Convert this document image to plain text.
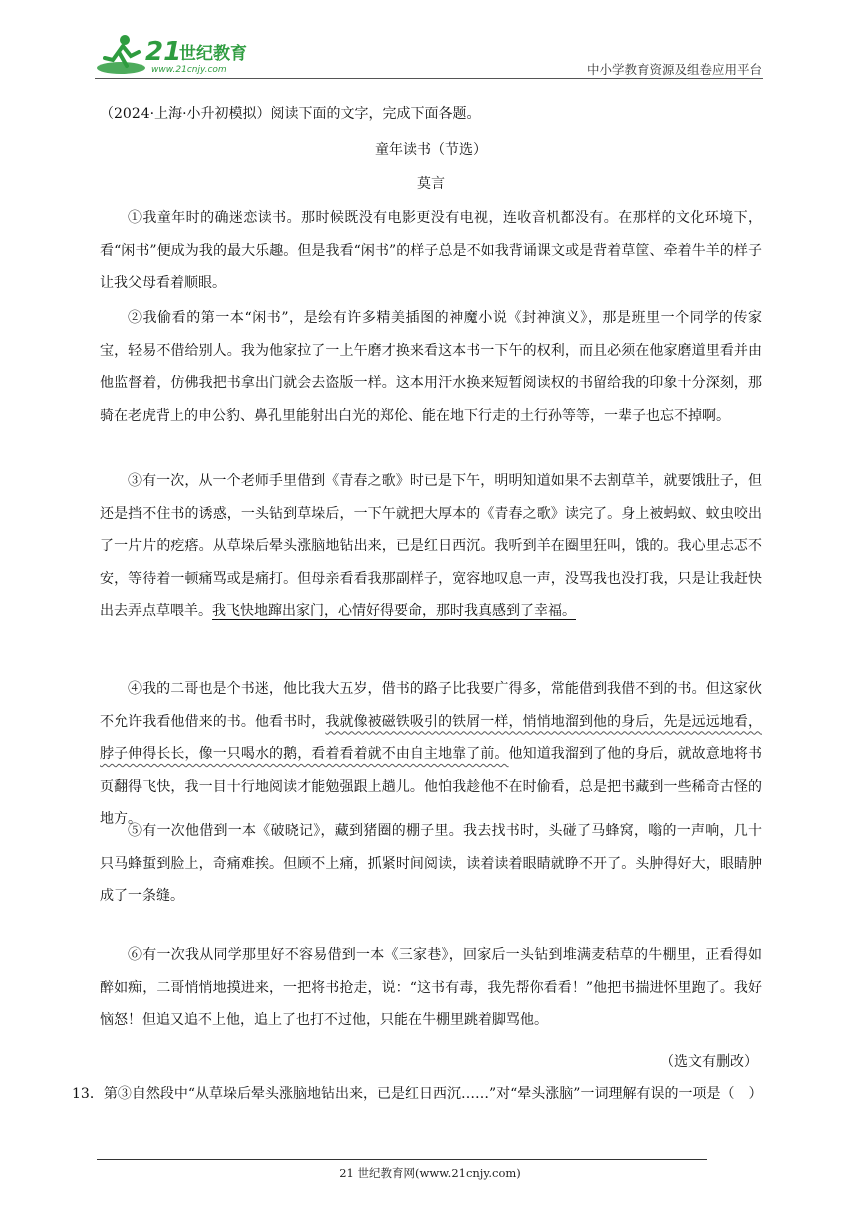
21
世纪教育
www.21cnjy.com	中小学教育资源及组卷应用平台
（2024·上海·小升初模拟）阅读下面的文字，完成下面各题。
童年读书（节选）
莫言
①我童年时的确迷恋读书。那时候既没有电影更没有电视，连收音机都没有。在那样的文化环境下，看“闲书”便成为我的最大乐趣。但是我看“闲书”的样子总是不如我背诵课文或是背着草筐、牵着牛羊的样子让我父母看着顺眼。
②我偷看的第一本“闲书”，是绘有许多精美插图的神魔小说《封神演义》，那是班里一个同学的传家宝，轻易不借给别人。我为他家拉了一上午磨才换来看这本书一下午的权利，而且必须在他家磨道里看并由他监督着，仿佛我把书拿出门就会去盗版一样。这本用汗水换来短暂阅读权的书留给我的印象十分深刻，那骑在老虎背上的申公豹、鼻孔里能射出白光的郑伦、能在地下行走的土行孙等等，一辈子也忘不掉啊。
③有一次，从一个老师手里借到《青春之歌》时已是下午，明明知道如果不去割草羊，就要饿肚子，但还是挡不住书的诱惑，一头钻到草垛后，一下午就把大厚本的《青春之歌》读完了。身上被蚂蚁、蚊虫咬出了一片片的疙瘩。从草垛后晕头涨脑地钻出来，已是红日西沉。我听到羊在圈里狂叫，饿的。我心里忐忑不安，等待着一顿痛骂或是痛打。但母亲看看我那副样子，宽容地叹息一声，没骂我也没打我，只是让我赶快出去弄点草喂羊。我飞快地蹿出家门，心情好得要命，那时我真感到了幸福。
④我的二哥也是个书迷，他比我大五岁，借书的路子比我要广得多，常能借到我借不到的书。但这家伙不允许我看他借来的书。他看书时，我就像被磁铁吸引的铁屑一样，悄悄地溜到他的身后，先是远远地看，脖子伸得长长，像一只喝水的鹅，看着看着就不由自主地靠了前。他知道我溜到了他的身后，就故意地将书页翻得飞快，我一目十行地阅读才能勉强跟上趟儿。他怕我趁他不在时偷看，总是把书藏到一些稀奇古怪的地方。
⑤有一次他借到一本《破晓记》，藏到猪圈的棚子里。我去找书时，头碰了马蜂窝，嗡的一声响，几十只马蜂蜇到脸上，奇痛难挨。但顾不上痛，抓紧时间阅读，读着读着眼睛就睁不开了。头肿得好大，眼睛肿成了一条缝。
⑥有一次我从同学那里好不容易借到一本《三家巷》，回家后一头钻到堆满麦秸草的牛棚里，正看得如醉如痴，二哥悄悄地摸进来，一把将书抢走，说：“这书有毒，我先帮你看看！”他把书揣进怀里跑了。我好恼怒！但追又追不上他，追上了也打不过他，只能在牛棚里跳着脚骂他。
（选文有删改）
13．第③自然段中“从草垛后晕头涨脑地钻出来，已是红日西沉……”对“晕头涨脑”一词理解有误的一项是（　）
21 世纪教育网(www.21cnjy.com)
